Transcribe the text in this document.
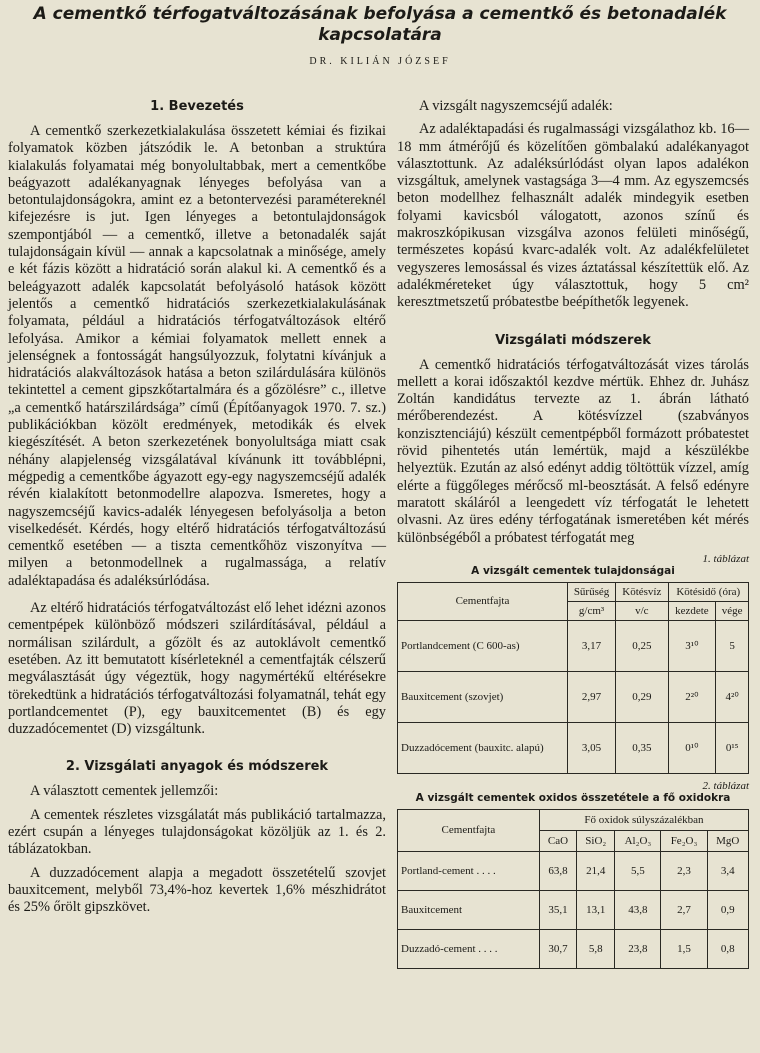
A cementkő térfogatváltozásának befolyása a cementkő és betonadalék kapcsolatára
DR. KILIÁN JÓZSEF
1. Bevezetés

A cementkő szerkezetkialakulása összetett kémiai és fizikai folyamatok közben játszódik le. A betonban a struktúra kialakulás folyamatai még bonyolultabbak, mert a cementkőbe beágyazott adalékanyagnak lényeges befolyása van a betontulajdonságokra, amint ez a betontervezési paramétereknél kifejezésre is jut. Igen lényeges a betontulajdonságok szempontjából — a cementkő, illetve a betonadalék saját tulajdonságain kívül — annak a kapcsolatnak a minősége, amely e két fázis között a hidratáció során alakul ki. A cementkő és a beleágyazott adalék kapcsolatát befolyásoló hatások között jelentős a cementkő hidratációs szerkezetkialakulásának folyamata, például a hidratációs térfogatváltozások eltérő lefolyása. Amikor a kémiai folyamatok mellett ennek a jelenségnek a fontosságát hangsúlyozzuk, folytatni kívánjuk a hidratációs alakváltozások hatása a beton szilárdulására különös tekintettel a cement gipszkőtartalmára és a gőzölésre” c., illetve „a cementkő határszilárdsága” című (Építőanyagok 1970. 7. sz.) publikációkban közölt eredmények, metodikák és elvek kiegészítését. A beton szerkezetének bonyolultsága miatt csak néhány alapjelenség vizsgálatával kívánunk itt továbblépni, mégpedig a cementkőbe ágyazott egy-egy nagyszemcséjű adalék révén kialakított betonmodellre alapozva. Ismeretes, hogy a nagyszemcséjű kavics-adalék lényegesen befolyásolja a beton viselkedését. Kérdés, hogy eltérő hidratációs térfogatváltozású cementkő esetében — a tiszta cementkőhöz viszonyítva — milyen a betonmodellnek a rugalmassága, a relatív adaléktapadása és adaléksúrlódása.

Az eltérő hidratációs térfogatváltozást elő lehet idézni azonos cementpépek különböző módszeri szilárdításával, például a normálisan szilárdult, a gőzölt és az autoklávolt cementkő esetében. Az itt bemutatott kísérleteknél a cementfajták célszerű megválasztását úgy végeztük, hogy nagymértékű eltérésekre törekedtünk a hidratációs térfogatváltozási folyamatnál, tehát egy portlandcementet (P), egy bauxitcementet (B) és egy duzzadócementet (D) vizsgáltunk.

2. Vizsgálati anyagok és módszerek

A választott cementek jellemzői:

A cementek részletes vizsgálatát más publikáció tartalmazza, ezért csupán a lényeges tulajdonságokat közöljük az 1. és 2. táblázatokban.

A duzzadócement alapja a megadott összetételű szovjet bauxitcement, melyből 73,4%-hoz kevertek 1,6% mészhidrátot és 25% őrölt gipszkövet.

A vizsgált nagyszemcséjű adalék:

Az adaléktapadási és rugalmassági vizsgálathoz kb. 16—18 mm átmérőjű és közelítően gömbalakú adalékanyagot választottunk. Az adaléksúrlódást olyan lapos adalékon vizsgáltuk, amelynek vastagsága 3—4 mm. Az egyszemcsés beton modellhez felhasznált adalék mindegyik esetben folyami kavicsból válogatott, azonos színű és makroszkópikusan vizsgálva azonos felületi minőségű, természetes kopású kvarc-adalék volt. Az adalékfelületet vegyszeres lemosással és vizes áztatással készítettük elő. Az adalékméreteket úgy választottuk, hogy 5 cm² keresztmetszetű próbatestbe beépíthetők legyenek.

Vizsgálati módszerek

A cementkő hidratációs térfogatváltozását vizes tárolás mellett a korai időszaktól kezdve mértük. Ehhez dr. Juhász Zoltán kandidátus tervezte az 1. ábrán látható mérőberendezést. A kötésvízzel (szabványos konzisztenciájú) készült cementpépből formázott próbatestet rövid pihentetés után lemértük, majd a készülékbe helyeztük. Ezután az alsó edényt addig töltöttük vízzel, amíg elérte a függőleges mérőcső ml-beosztását. A felső edényre maratott skáláról a leengedett víz térfogatát le lehetett olvasni. Az üres edény térfogatának ismeretében két mérés különbségéből a próbatest térfogatát meg

1. táblázat
A vizsgált cementek tulajdonságai
Cementfajta	Sűrűség	Kötésvíz	Kötésidő (óra)	
	g/cm³	v/c	kezdete	vége
Portlandcement (C 600-as)	3,17	0,25	3¹⁰	5
Bauxitcement (szovjet)	2,97	0,29	2²⁰	4²⁰
Duzzadócement (bauxitc. alapú)	3,05	0,35	0¹⁰	0¹⁵
2. táblázat
A vizsgált cementek oxidos összetétele a fő oxidokra
Cementfajta	Fő oxidok súlyszázalékban				
	CaO	SiO₂	Al₂O₃	Fe₂O₃	MgO
Portland-cement . . . .	63,8	21,4	5,5	2,3	3,4
Bauxitcement	35,1	13,1	43,8	2,7	0,9
Duzzadó-cement . . . .	30,7	5,8	23,8	1,5	0,8
